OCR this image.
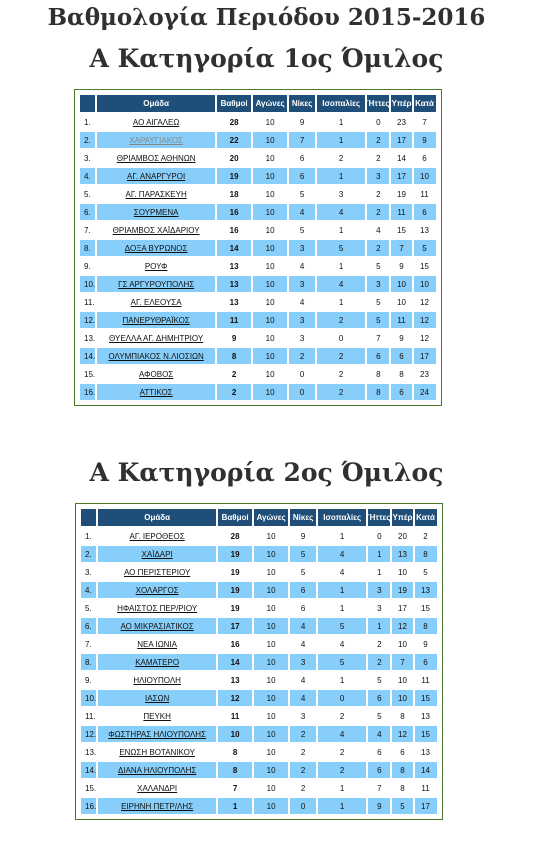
Βαθμολογία Περιόδου 2015-2016
Α Κατηγορία 1ος Όμιλος
	Ομάδα	Βαθμοί	Αγώνες	Νίκες	Ισοπαλίες	Ήττες	Υπέρ	Κατά
1.	ΑΟ ΑΙΓΑΛΕΩ	28	10	9	1	0	23	7
2.	ΧΑΡΑΥΓΙΑΚΟΣ	22	10	7	1	2	17	9
3.	ΘΡΙΑΜΒΟΣ ΑΘΗΝΩΝ	20	10	6	2	2	14	6
4.	ΑΓ. ΑΝΑΡΓΥΡΟΙ	19	10	6	1	3	17	10
5.	ΑΓ. ΠΑΡΑΣΚΕΥΗ	18	10	5	3	2	19	11
6.	ΣΟΥΡΜΕΝΑ	16	10	4	4	2	11	6
7.	ΘΡΙΑΜΒΟΣ ΧΑΪΔΑΡΙΟΥ	16	10	5	1	4	15	13
8.	ΔΟΞΑ ΒΥΡΩΝΟΣ	14	10	3	5	2	7	5
9.	ΡΟΥΦ	13	10	4	1	5	9	15
10.	ΓΣ ΑΡΓΥΡΟΥΠΟΛΗΣ	13	10	3	4	3	10	10
11.	ΑΓ. ΕΛΕΟΥΣΑ	13	10	4	1	5	10	12
12.	ΠΑΝΕΡΥΘΡΑΪΚΟΣ	11	10	3	2	5	11	12
13.	ΘΥΕΛΛΑ ΑΓ. ΔΗΜΗΤΡΙΟΥ	9	10	3	0	7	9	12
14.	ΟΛΥΜΠΙΑΚΟΣ Ν.ΛΙΟΣΙΩΝ	8	10	2	2	6	6	17
15.	ΑΦΟΒΟΣ	2	10	0	2	8	8	23
16.	ΑΤΤΙΚΟΣ	2	10	0	2	8	6	24
Α Κατηγορία 2ος Όμιλος
	Ομάδα	Βαθμοί	Αγώνες	Νίκες	Ισοπαλίες	Ήττες	Υπέρ	Κατά
1.	ΑΓ. ΙΕΡΟΘΕΟΣ	28	10	9	1	0	20	2
2.	ΧΑΪΔΑΡΙ	19	10	5	4	1	13	8
3.	ΑΟ ΠΕΡΙΣΤΕΡΙΟΥ	19	10	5	4	1	10	5
4.	ΧΟΛΑΡΓΟΣ	19	10	6	1	3	19	13
5.	ΗΦΑΙΣΤΟΣ ΠΕΡ/ΡΙΟΥ	19	10	6	1	3	17	15
6.	ΑΟ ΜΙΚΡΑΣΙΑΤΙΚΟΣ	17	10	4	5	1	12	8
7.	ΝΕΑ ΙΩΝΙΑ	16	10	4	4	2	10	9
8.	ΚΑΜΑΤΕΡΟ	14	10	3	5	2	7	6
9.	ΗΛΙΟΥΠΟΛΗ	13	10	4	1	5	10	11
10.	ΙΑΣΩΝ	12	10	4	0	6	10	15
11.	ΠΕΥΚΗ	11	10	3	2	5	8	13
12.	ΦΩΣΤΗΡΑΣ ΗΛΙΟΥΠΟΛΗΣ	10	10	2	4	4	12	15
13.	ΕΝΩΣΗ ΒΟΤΑΝΙΚΟΥ	8	10	2	2	6	6	13
14.	ΔΙΑΝΑ ΗΛΙΟΥΠΟΛΗΣ	8	10	2	2	6	8	14
15.	ΧΑΛΑΝΔΡΙ	7	10	2	1	7	8	11
16.	ΕΙΡΗΝΗ ΠΕΤΡ/ΛΗΣ	1	10	0	1	9	5	17
